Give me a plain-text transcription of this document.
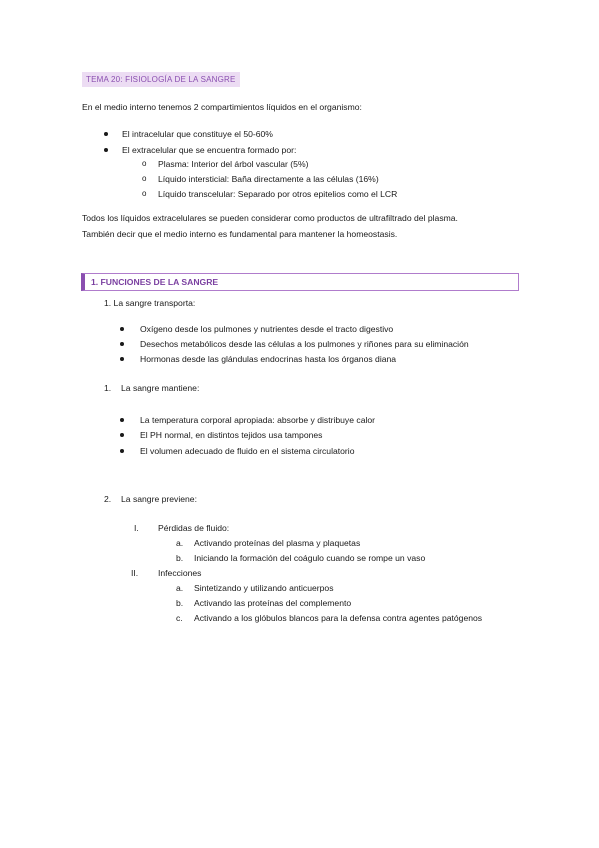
TEMA 20: FISIOLOGÍA DE LA SANGRE
En el medio interno tenemos 2 compartimientos líquidos en el organismo:
El intracelular que constituye el 50-60%
El extracelular que se encuentra formado por:
o Plasma: Interior del árbol vascular (5%)
o Líquido intersticial: Baña directamente a las células (16%)
o Líquido transcelular: Separado por otros epitelios como el LCR
Todos los líquidos extracelulares se pueden considerar como productos de ultrafiltrado del plasma.
También decir que el medio interno es fundamental para mantener la homeostasis.
1. FUNCIONES DE LA SANGRE
1. La sangre transporta:
Oxígeno desde los pulmones y nutrientes desde el tracto digestivo
Desechos metabólicos desde las células a los pulmones y riñones para su eliminación
Hormonas desde las glándulas endocrinas hasta los órganos diana
1. La sangre mantiene:
La temperatura corporal apropiada: absorbe y distribuye calor
El PH normal, en distintos tejidos usa tampones
El volumen adecuado de fluido en el sistema circulatorio
2. La sangre previene:
I. Pérdidas de fluido:
a. Activando proteínas del plasma y plaquetas
b. Iniciando la formación del coágulo cuando se rompe un vaso
II. Infecciones
a. Sintetizando y utilizando anticuerpos
b. Activando las proteínas del complemento
c. Activando a los glóbulos blancos para la defensa contra agentes patógenos
